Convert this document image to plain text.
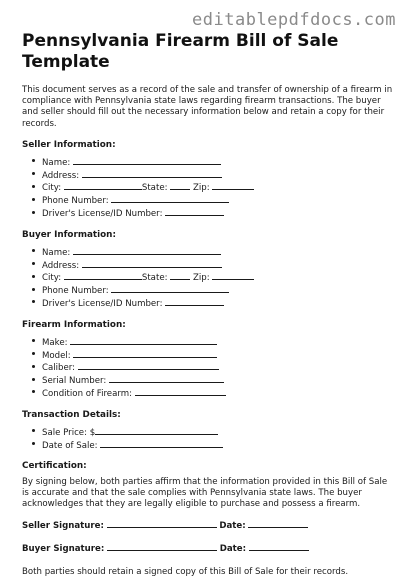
editablepdfdocs.com
Pennsylvania Firearm Bill of Sale Template

This document serves as a record of the sale and transfer of ownership of a firearm in compliance with Pennsylvania state laws regarding firearm transactions. The buyer and seller should fill out the necessary information below and retain a copy for their records.

Seller Information:
Name:
Address:
City:	State:	Zip:
Phone Number:
Driver's License/ID Number:
Buyer Information:
Name:
Address:
City:	State:	Zip:
Phone Number:
Driver's License/ID Number:
Firearm Information:
Make:
Model:
Caliber:
Serial Number:
Condition of Firearm:
Transaction Details:
Sale Price: $
Date of Sale:
Certification:

By signing below, both parties affirm that the information provided in this Bill of Sale is accurate and that the sale complies with Pennsylvania state laws. The buyer acknowledges that they are legally eligible to purchase and possess a firearm.

Seller Signature:	Date:
Buyer Signature:	Date:

Both parties should retain a signed copy of this Bill of Sale for their records.
